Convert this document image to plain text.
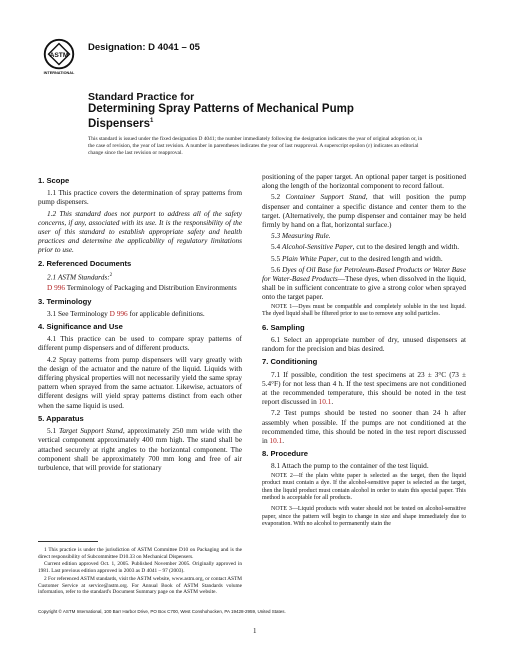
ASTM
INTERNATIONAL
Designation: D 4041 – 05
Standard Practice for
Determining Spray Patterns of Mechanical Pump Dispensers$^1$
This standard is issued under the fixed designation D 4041; the number immediately following the designation indicates the year of original adoption or, in the case of revision, the year of last revision. A number in parentheses indicates the year of last reapproval. A superscript epsilon (ε) indicates an editorial change since the last revision or reapproval.
1. Scope

1.1 This practice covers the determination of spray patterns from pump dispensers.

1.2 This standard does not purport to address all of the safety concerns, if any, associated with its use. It is the responsibility of the user of this standard to establish appropriate safety and health practices and determine the applicability of regulatory limitations prior to use.

2. Referenced Documents

2.1 ASTM Standards:$^2$

D 996 Terminology of Packaging and Distribution Environments

3. Terminology

3.1 See Terminology D 996 for applicable definitions.

4. Significance and Use

4.1 This practice can be used to compare spray patterns of different pump dispensers and of different products.

4.2 Spray patterns from pump dispensers will vary greatly with the design of the actuator and the nature of the liquid. Liquids with differing physical properties will not necessarily yield the same spray pattern when sprayed from the same actuator. Likewise, actuators of different designs will yield spray patterns distinct from each other when the same liquid is used.

5. Apparatus

5.1 Target Support Stand, approximately 250 mm wide with the vertical component approximately 400 mm high. The stand shall be attached securely at right angles to the horizontal component. The component shall be approximately 700 mm long and free of air turbulence, that will provide for stationary

positioning of the paper target. An optional paper target is positioned along the length of the horizontal component to record fallout.

5.2 Container Support Stand, that will position the pump dispenser and container a specific distance and center them to the target. (Alternatively, the pump dispenser and container may be held firmly by hand on a flat, horizontal surface.)

5.3 Measuring Rule.

5.4 Alcohol-Sensitive Paper, cut to the desired length and width.

5.5 Plain White Paper, cut to the desired length and width.

5.6 Dyes of Oil Base for Petroleum-Based Products or Water Base for Water-Based Products—These dyes, when dissolved in the liquid, shall be in sufficient concentrate to give a strong color when sprayed onto the target paper.

NOTE 1—Dyes must be compatible and completely soluble in the test liquid. The dyed liquid shall be filtered prior to use to remove any solid particles.
6. Sampling

6.1 Select an appropriate number of dry, unused dispensers at random for the precision and bias desired.

7. Conditioning

7.1 If possible, condition the test specimens at 23 ± 3°C (73 ± 5.4°F) for not less than 4 h. If the test specimens are not conditioned at the recommended temperature, this should be noted in the test report discussed in 10.1.

7.2 Test pumps should be tested no sooner than 24 h after assembly when possible. If the pumps are not conditioned at the recommended time, this should be noted in the test report discussed in 10.1.

8. Procedure

8.1 Attach the pump to the container of the test liquid.

NOTE 2—If the plain white paper is selected as the target, then the liquid product must contain a dye. If the alcohol-sensitive paper is selected as the target, then the liquid product must contain alcohol in order to stain this special paper. This method is acceptable for all products.
NOTE 3—Liquid products with water should not be tested on alcohol-sensitive paper, since the pattern will begin to change in size and shape immediately due to evaporation. With no alcohol to permanently stain the

1 This practice is under the jurisdiction of ASTM Committee D10 on Packaging and is the direct responsibility of Subcommittee D10.33 on Mechanical Dispensers.

Current edition approved Oct. 1, 2005. Published November 2005. Originally approved in 1981. Last previous edition approved in 2003 as D 4041 – 97 (2003).

2 For referenced ASTM standards, visit the ASTM website, www.astm.org, or contact ASTM Customer Service at service@astm.org. For Annual Book of ASTM Standards volume information, refer to the standard's Document Summary page on the ASTM website.

Copyright © ASTM International, 100 Barr Harbor Drive, PO Box C700, West Conshohocken, PA 19428-2959, United States.
1
